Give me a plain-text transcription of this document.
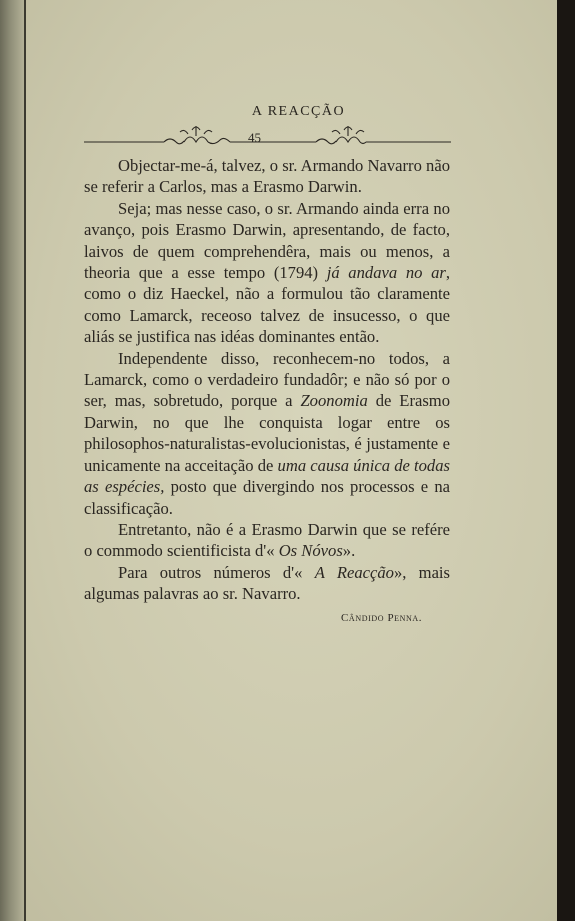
A REACÇÃO
45

Objectar-me-á, talvez, o sr. Armando Navarro não se referir a Carlos, mas a Erasmo Darwin.

Seja; mas nesse caso, o sr. Armando ainda erra no avanço, pois Erasmo Darwin, apresentando, de facto, laivos de quem comprehendêra, mais ou menos, a theoria que a esse tempo (1794) já andava no ar, como o diz Haeckel, não a formulou tão claramente como Lamarck, receoso talvez de insucesso, o que aliás se justifica nas idéas dominantes então.

Independente disso, reconhecem-no todos, a Lamarck, como o verdadeiro fundadôr; e não só por o ser, mas, sobretudo, porque a Zoonomia de Erasmo Darwin, no que lhe conquista logar entre os philosophos-naturalistas-evolucionistas, é justamente e unicamente na acceitação de uma causa única de todas as espécies, posto que divergindo nos processos e na classificação.

Entretanto, não é a Erasmo Darwin que se refére o commodo scientificista d'« Os Nóvos».

Para outros números d'« A Reacção», mais algumas palavras ao sr. Navarro.

Cândido Penna.
